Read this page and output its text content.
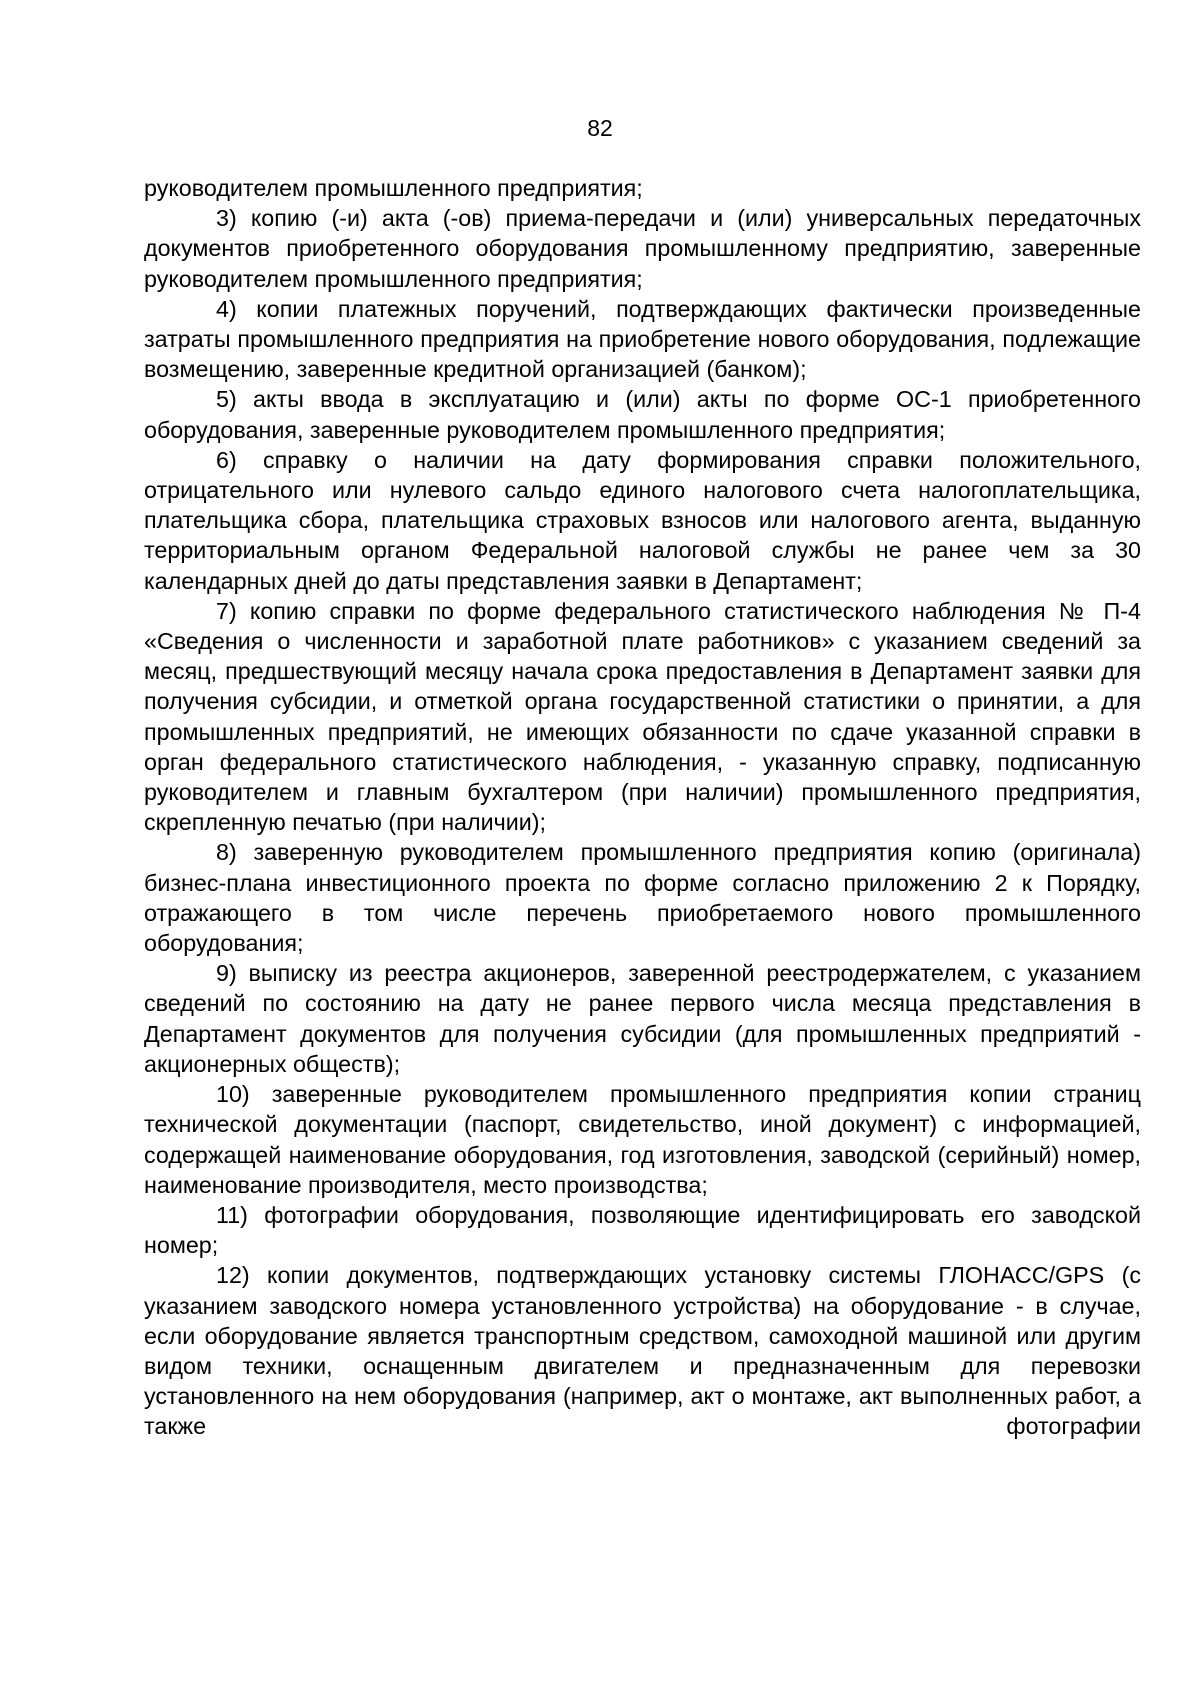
82

руководителем промышленного предприятия;

3) копию (-и) акта (-ов) приема-передачи и (или) универсальных передаточных документов приобретенного оборудования промышленному предприятию, заверенные руководителем промышленного предприятия;

4) копии платежных поручений, подтверждающих фактически произведенные затраты промышленного предприятия на приобретение нового оборудования, подлежащие возмещению, заверенные кредитной организацией (банком);

5) акты ввода в эксплуатацию и (или) акты по форме ОС-1 приобретенного оборудования, заверенные руководителем промышленного предприятия;

6) справку о наличии на дату формирования справки положительного, отрицательного или нулевого сальдо единого налогового счета налогоплательщика, плательщика сбора, плательщика страховых взносов или налогового агента, выданную территориальным органом Федеральной налоговой службы не ранее чем за 30 календарных дней до даты представления заявки в Департамент;

7) копию справки по форме федерального статистического наблюдения № П-4 «Сведения о численности и заработной плате работников» с указанием сведений за месяц, предшествующий месяцу начала срока предоставления в Департамент заявки для получения субсидии, и отметкой органа государственной статистики о принятии, а для промышленных предприятий, не имеющих обязанности по сдаче указанной справки в орган федерального статистического наблюдения, - указанную справку, подписанную руководителем и главным бухгалтером (при наличии) промышленного предприятия, скрепленную печатью (при наличии);

8) заверенную руководителем промышленного предприятия копию (оригинала) бизнес-плана инвестиционного проекта по форме согласно приложению 2 к Порядку, отражающего в том числе перечень приобретаемого нового промышленного оборудования;

9) выписку из реестра акционеров, заверенной реестродержателем, с указанием сведений по состоянию на дату не ранее первого числа месяца представления в Департамент документов для получения субсидии (для промышленных предприятий - акционерных обществ);

10) заверенные руководителем промышленного предприятия копии страниц технической документации (паспорт, свидетельство, иной документ) с информацией, содержащей наименование оборудования, год изготовления, заводской (серийный) номер, наименование производителя, место производства;

11) фотографии оборудования, позволяющие идентифицировать его заводской номер;

12) копии документов, подтверждающих установку системы ГЛОНАСС/GPS (с указанием заводского номера установленного устройства) на оборудование - в случае, если оборудование является транспортным средством, самоходной машиной или другим видом техники, оснащенным двигателем и предназначенным для перевозки установленного на нем оборудования (например, акт о монтаже, акт выполненных работ, а также фотографии
